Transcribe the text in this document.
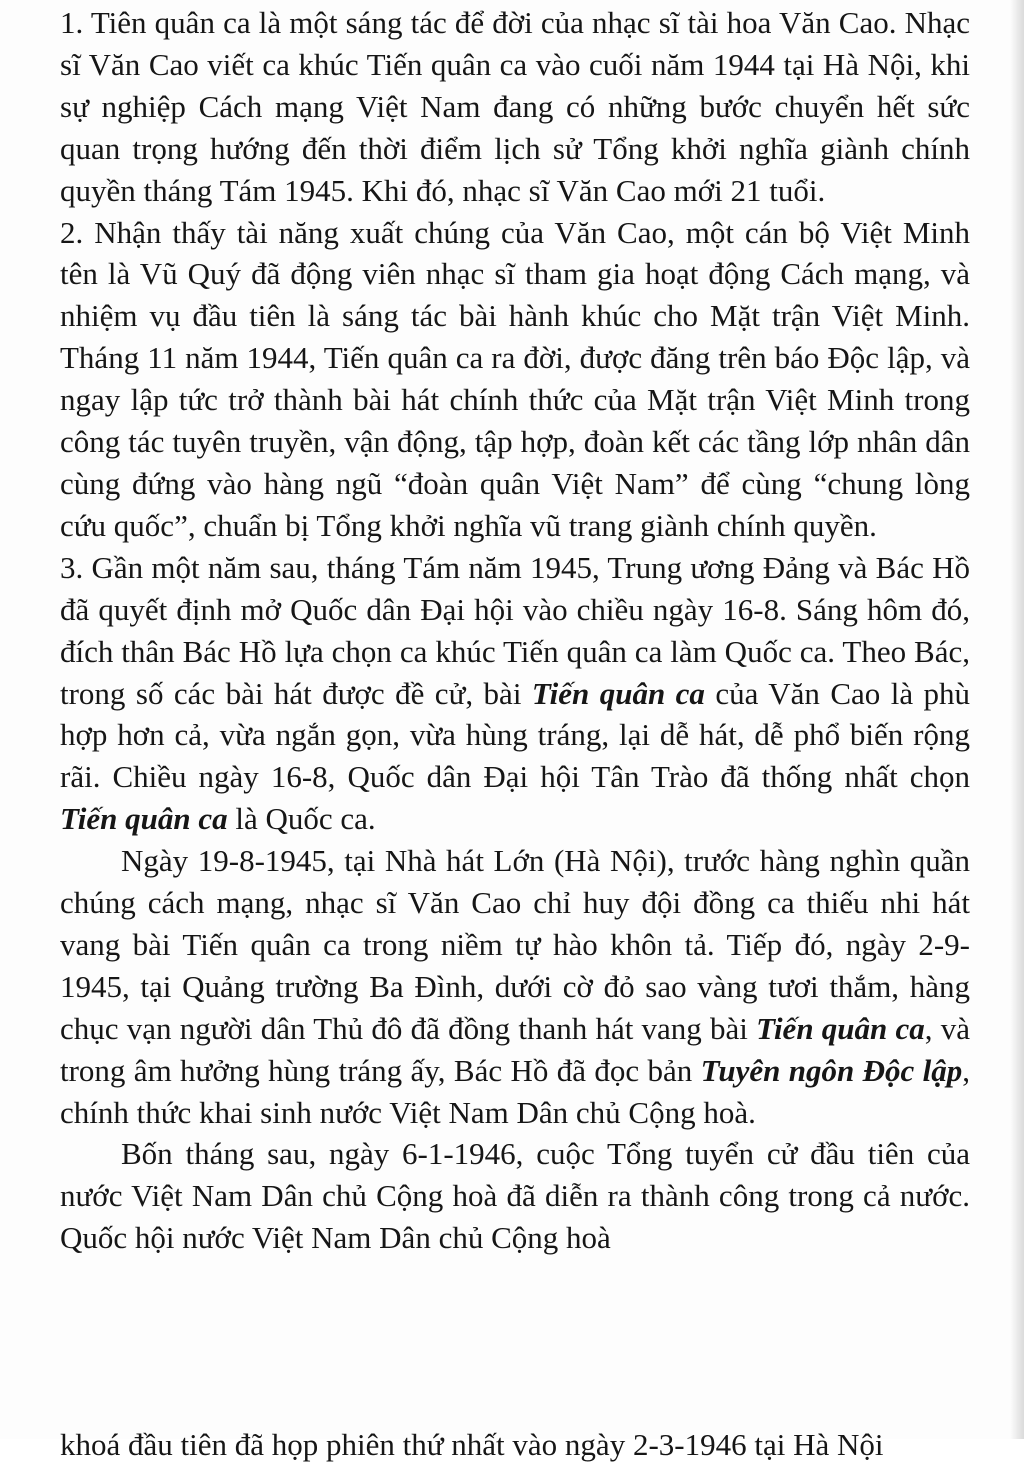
1. Tiên quân ca là một sáng tác để đời của nhạc sĩ tài hoa Văn Cao. Nhạc sĩ Văn Cao viết ca khúc Tiến quân ca vào cuối năm 1944 tại Hà Nội, khi sự nghiệp Cách mạng Việt Nam đang có những bước chuyển hết sức quan trọng hướng đến thời điểm lịch sử Tổng khởi nghĩa giành chính quyền tháng Tám 1945. Khi đó, nhạc sĩ Văn Cao mới 21 tuổi.

2. Nhận thấy tài năng xuất chúng của Văn Cao, một cán bộ Việt Minh tên là Vũ Quý đã động viên nhạc sĩ tham gia hoạt động Cách mạng, và nhiệm vụ đầu tiên là sáng tác bài hành khúc cho Mặt trận Việt Minh. Tháng 11 năm 1944, Tiến quân ca ra đời, được đăng trên báo Độc lập, và ngay lập tức trở thành bài hát chính thức của Mặt trận Việt Minh trong công tác tuyên truyền, vận động, tập hợp, đoàn kết các tầng lớp nhân dân cùng đứng vào hàng ngũ “đoàn quân Việt Nam” để cùng “chung lòng cứu quốc”, chuẩn bị Tổng khởi nghĩa vũ trang giành chính quyền.

3. Gần một năm sau, tháng Tám năm 1945, Trung ương Đảng và Bác Hồ đã quyết định mở Quốc dân Đại hội vào chiều ngày 16-8. Sáng hôm đó, đích thân Bác Hồ lựa chọn ca khúc Tiến quân ca làm Quốc ca. Theo Bác, trong số các bài hát được đề cử, bài Tiến quân ca của Văn Cao là phù hợp hơn cả, vừa ngắn gọn, vừa hùng tráng, lại dễ hát, dễ phổ biến rộng rãi. Chiều ngày 16-8, Quốc dân Đại hội Tân Trào đã thống nhất chọn Tiến quân ca là Quốc ca.

Ngày 19-8-1945, tại Nhà hát Lớn (Hà Nội), trước hàng nghìn quần chúng cách mạng, nhạc sĩ Văn Cao chỉ huy đội đồng ca thiếu nhi hát vang bài Tiến quân ca trong niềm tự hào khôn tả. Tiếp đó, ngày 2-9-1945, tại Quảng trường Ba Đình, dưới cờ đỏ sao vàng tươi thắm, hàng chục vạn người dân Thủ đô đã đồng thanh hát vang bài Tiến quân ca, và trong âm hưởng hùng tráng ấy, Bác Hồ đã đọc bản Tuyên ngôn Độc lập, chính thức khai sinh nước Việt Nam Dân chủ Cộng hoà.

Bốn tháng sau, ngày 6-1-1946, cuộc Tổng tuyển cử đầu tiên của nước Việt Nam Dân chủ Cộng hoà đã diễn ra thành công trong cả nước. Quốc hội nước Việt Nam Dân chủ Cộng hoà

khoá đầu tiên đã họp phiên thứ nhất vào ngày 2-3-1946 tại Hà Nội
